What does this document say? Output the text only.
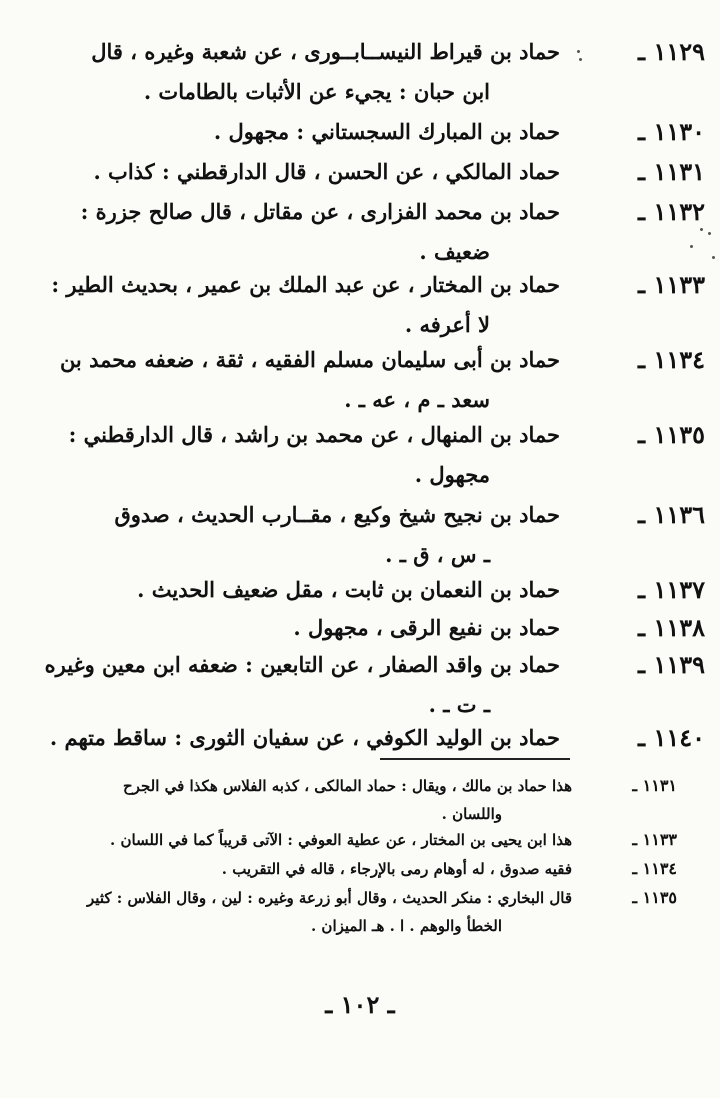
١١٢٩ ـ
حماد بن قيراط النيســابــورى ، عن شعبة وغيره ، قال
ابن حبان : يجيء عن الأثبات بالطامات .
١١٣٠ ـ
حماد بن المبارك السجستاني : مجهول .
١١٣١ ـ
حماد المالكي ، عن الحسن ، قال الدارقطني : كذاب .
١١٣٢ ـ
حماد بن محمد الفزارى ، عن مقاتل ، قال صالح جزرة :
ضعيف .
١١٣٣ ـ
حماد بن المختار ، عن عبد الملك بن عمير ، بحديث الطير :
لا أعرفه .
١١٣٤ ـ
حماد بن أبى سليمان مسلم الفقيه ، ثقة ، ضعفه محمد بن
سعد ـ م ، عه ـ .
١١٣٥ ـ
حماد بن المنهال ، عن محمد بن راشد ، قال الدارقطني :
مجهول .
١١٣٦ ـ
حماد بن نجيح شيخ وكيع ، مقــارب الحديث ، صدوق
ـ س ، ق ـ .
١١٣٧ ـ
حماد بن النعمان بن ثابت ، مقل ضعيف الحديث .
١١٣٨ ـ
حماد بن نفيع الرقى ، مجهول .
١١٣٩ ـ
حماد بن واقد الصفار ، عن التابعين : ضعفه ابن معين وغيره
ـ ت ـ .
١١٤٠ ـ
حماد بن الوليد الكوفي ، عن سفيان الثورى : ساقط متهم .
١١٣١ ـ
هذا حماد بن مالك ، ويقال : حماد المالكى ، كذبه الفلاس هكذا في الجرح
واللسان .
١١٣٣ ـ
هذا ابن يحيى بن المختار ، عن عطية العوفي : الآتى قريباً كما في اللسان .
١١٣٤ ـ
فقيه صدوق ، له أوهام رمى بالإرجاء ، قاله في التقريب .
١١٣٥ ـ
قال البخاري : منكر الحديث ، وقال أبو زرعة وغيره : لين ، وقال الفلاس : كثير
الخطأ والوهم . ا . هـ الميزان .
ـ ١٠٢ ـ
